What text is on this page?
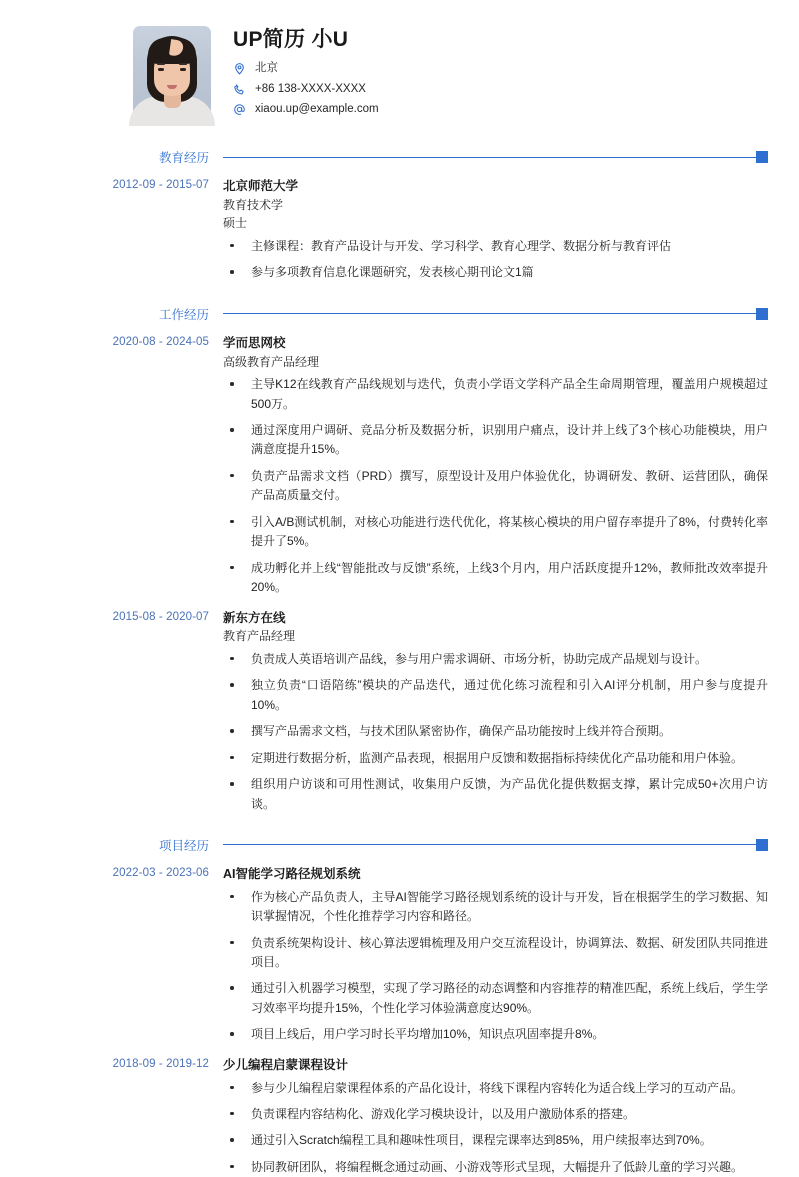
UP简历 小U
北京
+86 138-XXXX-XXXX
xiaou.up@example.com
教育经历
2012-09 - 2015-07 北京师范大学
教育技术学
硕士
主修课程：教育产品设计与开发、学习科学、教育心理学、数据分析与教育评估
参与多项教育信息化课题研究，发表核心期刊论文1篇
工作经历
2020-08 - 2024-05 学而思网校
高级教育产品经理
主导K12在线教育产品线规划与迭代，负责小学语文学科产品全生命周期管理，覆盖用户规模超过500万。
通过深度用户调研、竞品分析及数据分析，识别用户痛点，设计并上线了3个核心功能模块，用户满意度提升15%。
负责产品需求文档（PRD）撰写，原型设计及用户体验优化，协调研发、教研、运营团队，确保产品高质量交付。
引入A/B测试机制，对核心功能进行迭代优化，将某核心模块的用户留存率提升了8%，付费转化率提升了5%。
成功孵化并上线“智能批改与反馈”系统，上线3个月内，用户活跃度提升12%，教师批改效率提升20%。
2015-08 - 2020-07 新东方在线
教育产品经理
负责成人英语培训产品线，参与用户需求调研、市场分析，协助完成产品规划与设计。
独立负责“口语陪练”模块的产品迭代，通过优化练习流程和引入AI评分机制，用户参与度提升10%。
撰写产品需求文档，与技术团队紧密协作，确保产品功能按时上线并符合预期。
定期进行数据分析，监测产品表现，根据用户反馈和数据指标持续优化产品功能和用户体验。
组织用户访谈和可用性测试，收集用户反馈，为产品优化提供数据支撑，累计完成50+次用户访谈。
项目经历
2022-03 - 2023-06 AI智能学习路径规划系统
作为核心产品负责人，主导AI智能学习路径规划系统的设计与开发，旨在根据学生的学习数据、知识掌握情况，个性化推荐学习内容和路径。
负责系统架构设计、核心算法逻辑梳理及用户交互流程设计，协调算法、数据、研发团队共同推进项目。
通过引入机器学习模型，实现了学习路径的动态调整和内容推荐的精准匹配，系统上线后，学生学习效率平均提升15%，个性化学习体验满意度达90%。
项目上线后，用户学习时长平均增加10%，知识点巩固率提升8%。
2018-09 - 2019-12 少儿编程启蒙课程设计
参与少儿编程启蒙课程体系的产品化设计，将线下课程内容转化为适合线上学习的互动产品。
负责课程内容结构化、游戏化学习模块设计，以及用户激励体系的搭建。
通过引入Scratch编程工具和趣味性项目，课程完课率达到85%，用户续报率达到70%。
协同教研团队，将编程概念通过动画、小游戏等形式呈现，大幅提升了低龄儿童的学习兴趣。
